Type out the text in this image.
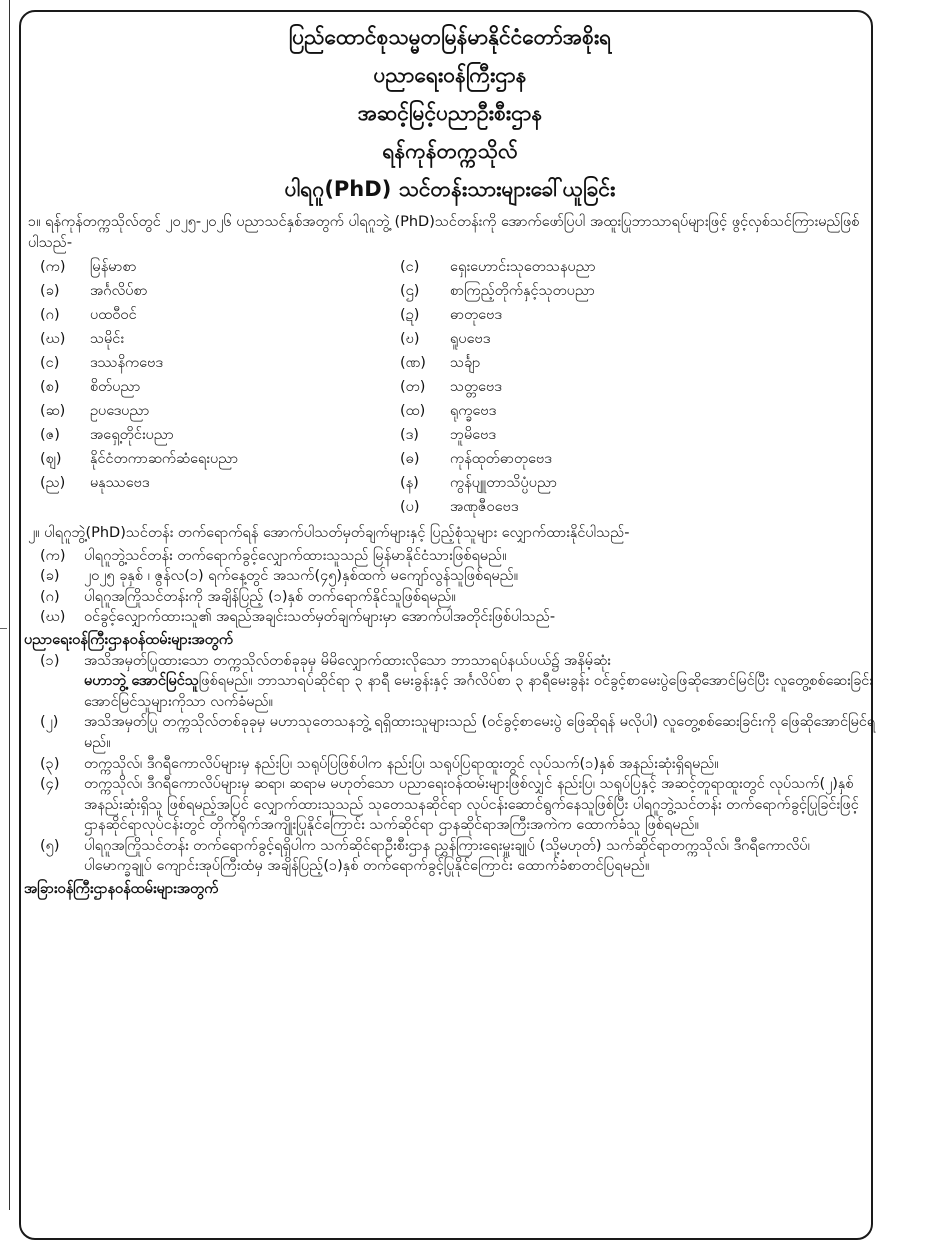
ပြည်ထောင်စုသမ္မတမြန်မာနိုင်ငံတော်အစိုးရ
ပညာရေးဝန်ကြီးဌာန
အဆင့်မြင့်ပညာဦးစီးဌာန
ရန်ကုန်တက္ကသိုလ်
ပါရဂူ(PhD) သင်တန်းသားများခေါ်ယူခြင်း
၁။ ရန်ကုန်တက္ကသိုလ်တွင် ၂၀၂၅-၂၀၂၆ ပညာသင်နှစ်အတွက် ပါရဂူဘွဲ့ (PhD)သင်တန်းကို အောက်ဖော်ပြပါ အထူးပြုဘာသာရပ်များဖြင့် ဖွင့်လှစ်သင်ကြားမည်ဖြစ်ပါသည်-
(က)	မြန်မာစာ	(င)	ရှေးဟောင်းသုတေသနပညာ
(ခ)	အင်္ဂလိပ်စာ	(ဌ)	စာကြည့်တိုက်နှင့်သုတပညာ
(ဂ)	ပထဝီဝင်	(ဍ)	ဓာတုဗေဒ
(ဃ)	သမိုင်း	(ဎ)	ရူပဗေဒ
(င)	ဒဿနိကဗေဒ	(ဏ)	သင်္ချာ
(စ)	စိတ်ပညာ	(တ)	သတ္တဗေဒ
(ဆ)	ဥပဒေပညာ	(ထ)	ရုက္ခဗေဒ
(ဇ)	အရှေ့တိုင်းပညာ	(ဒ)	ဘူမိဗေဒ
(ဈ)	နိုင်ငံတကာဆက်ဆံရေးပညာ	(ဓ)	ကုန်ထုတ်ဓာတုဗေဒ
(ည)	မနုဿဗေဒ	(န)	ကွန်ပျူတာသိပ္ပံပညာ
(ပ)	အဏုဇီဝဗေဒ
၂။ ပါရဂူဘွဲ့(PhD)သင်တန်း တက်ရောက်ရန် အောက်ပါသတ်မှတ်ချက်များနှင့် ပြည့်စုံသူများ လျှောက်ထားနိုင်ပါသည်-
(က)	ပါရဂူဘွဲ့သင်တန်း တက်ရောက်ခွင့်လျှောက်ထားသူသည် မြန်မာနိုင်ငံသားဖြစ်ရမည်။
(ခ)	၂၀၂၅ ခုနှစ် ၊ ဇွန်လ(၁) ရက်နေ့တွင် အသက်(၄၅)နှစ်ထက် မကျော်လွန်သူဖြစ်ရမည်။
(ဂ)	ပါရဂူအကြိုသင်တန်းကို အချိန်ပြည့် (၁)နှစ် တက်ရောက်နိုင်သူဖြစ်ရမည်။
(ဃ)	ဝင်ခွင့်လျှောက်ထားသူ၏ အရည်အချင်းသတ်မှတ်ချက်များမှာ အောက်ပါအတိုင်းဖြစ်ပါသည်-
ပညာရေးဝန်ကြီးဌာနဝန်ထမ်းများအတွက်
(၁)	အသိအမှတ်ပြုထားသော တက္ကသိုလ်တစ်ခုခုမှ မိမိလျှောက်ထားလိုသော ဘာသာရပ်နယ်ပယ်၌ အနိမ့်ဆုံး
မဟာဘွဲ့ အောင်မြင်သူဖြစ်ရမည်။ ဘာသာရပ်ဆိုင်ရာ ၃ နာရီ မေးခွန်းနှင့် အင်္ဂလိပ်စာ ၃ နာရီမေးခွန်း ဝင်ခွင့်စာမေးပွဲဖြေဆိုအောင်မြင်ပြီး လူတွေ့စစ်ဆေးခြင်း အောင်မြင်သူများကိုသာ လက်ခံမည်။
(၂)	အသိအမှတ်ပြု တက္ကသိုလ်တစ်ခုခုမှ မဟာသုတေသနဘွဲ့ ရရှိထားသူများသည် (ဝင်ခွင့်စာမေးပွဲ ဖြေဆိုရန် မလိုပါ) လူတွေ့စစ်ဆေးခြင်းကို ဖြေဆိုအောင်မြင်ရမည်။
(၃)	တက္ကသိုလ်၊ ဒီဂရီကောလိပ်များမှ နည်းပြ၊ သရုပ်ပြဖြစ်ပါက နည်းပြ၊ သရုပ်ပြရာထူးတွင် လုပ်သက်(၁)နှစ် အနည်းဆုံးရှိရမည်။
(၄)	တက္ကသိုလ်၊ ဒီဂရီကောလိပ်များမှ ဆရာ၊ ဆရာမ မဟုတ်သော ပညာရေးဝန်ထမ်းများဖြစ်လျှင် နည်းပြ၊ သရုပ်ပြနှင့် အဆင့်တူရာထူးတွင် လုပ်သက်(၂)နှစ် အနည်းဆုံးရှိသူ ဖြစ်ရမည့်အပြင် လျှောက်ထားသူသည် သုတေသနဆိုင်ရာ လုပ်ငန်းဆောင်ရွက်နေသူဖြစ်ပြီး ပါရဂူဘွဲ့သင်တန်း တက်ရောက်ခွင့်ပြုခြင်းဖြင့် ဌာနဆိုင်ရာလုပ်ငန်းတွင် တိုက်ရိုက်အကျိုးပြုနိုင်ကြောင်း သက်ဆိုင်ရာ ဌာနဆိုင်ရာအကြီးအကဲက ထောက်ခံသူ ဖြစ်ရမည်။
(၅)	ပါရဂူအကြိုသင်တန်း တက်ရောက်ခွင့်ရရှိပါက သက်ဆိုင်ရာဦးစီးဌာန ညွှန်ကြားရေးမှူးချုပ် (သို့မဟုတ်) သက်ဆိုင်ရာတက္ကသိုလ်၊ ဒီဂရီကောလိပ်၊ ပါမောက္ခချုပ် ကျောင်းအုပ်ကြီးထံမှ အချိန်ပြည့်(၁)နှစ် တက်ရောက်ခွင့်ပြုနိုင်ကြောင်း ထောက်ခံစာတင်ပြရမည်။
အခြားဝန်ကြီးဌာနဝန်ထမ်းများအတွက်
